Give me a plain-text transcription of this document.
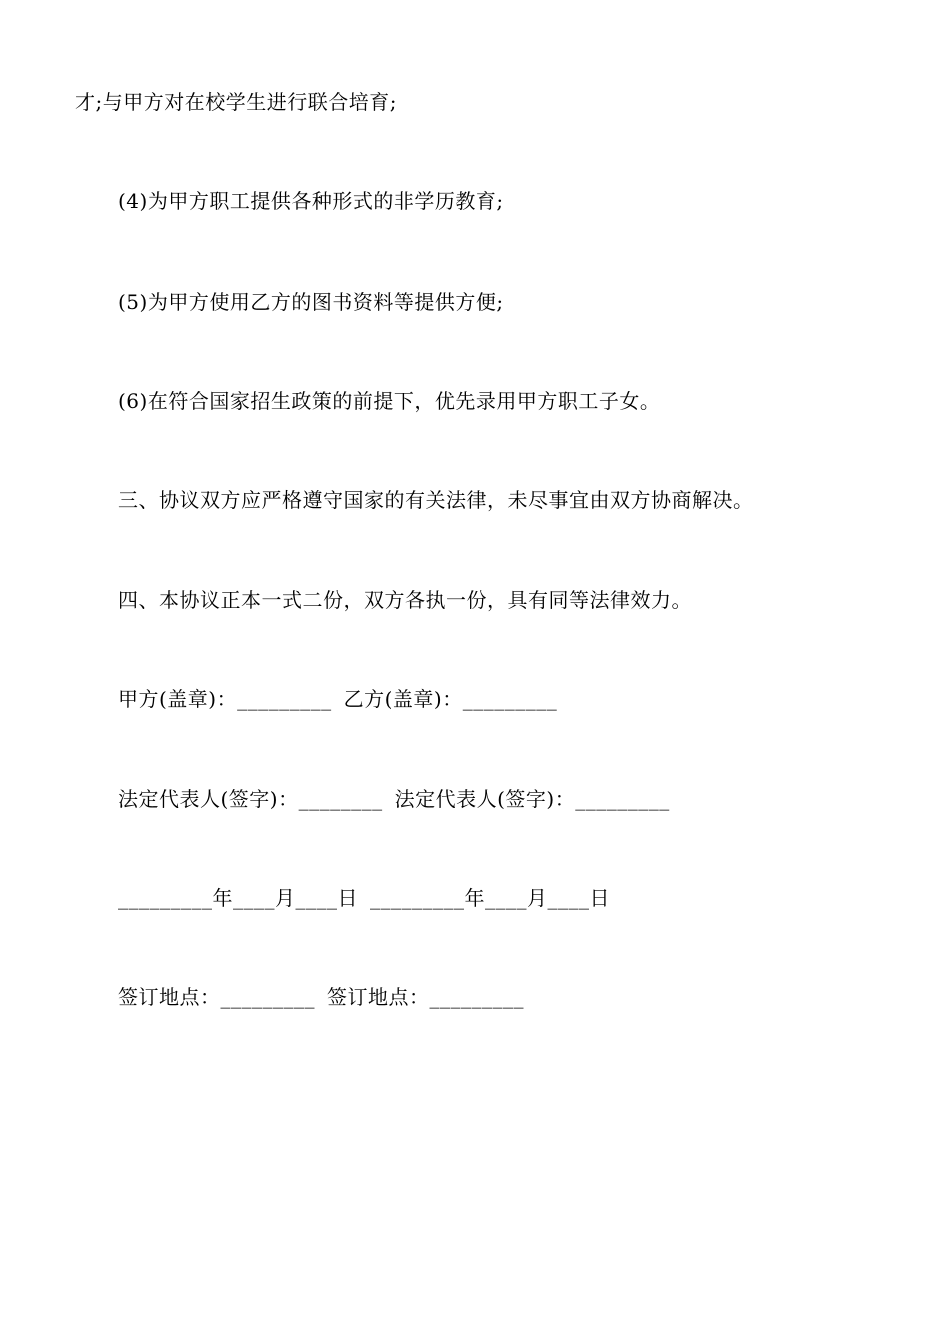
才;与甲方对在校学生进行联合培育;
(4)为甲方职工提供各种形式的非学历教育;
(5)为甲方使用乙方的图书资料等提供方便;
(6)在符合国家招生政策的前提下，优先录用甲方职工子女。
三、协议双方应严格遵守国家的有关法律，未尽事宜由双方协商解决。
四、本协议正本一式二份，双方各执一份，具有同等法律效力。
甲方(盖章)：_________ 乙方(盖章)：_________
法定代表人(签字)：________ 法定代表人(签字)：_________
_________年____月____日 _________年____月____日
签订地点：_________ 签订地点：_________
